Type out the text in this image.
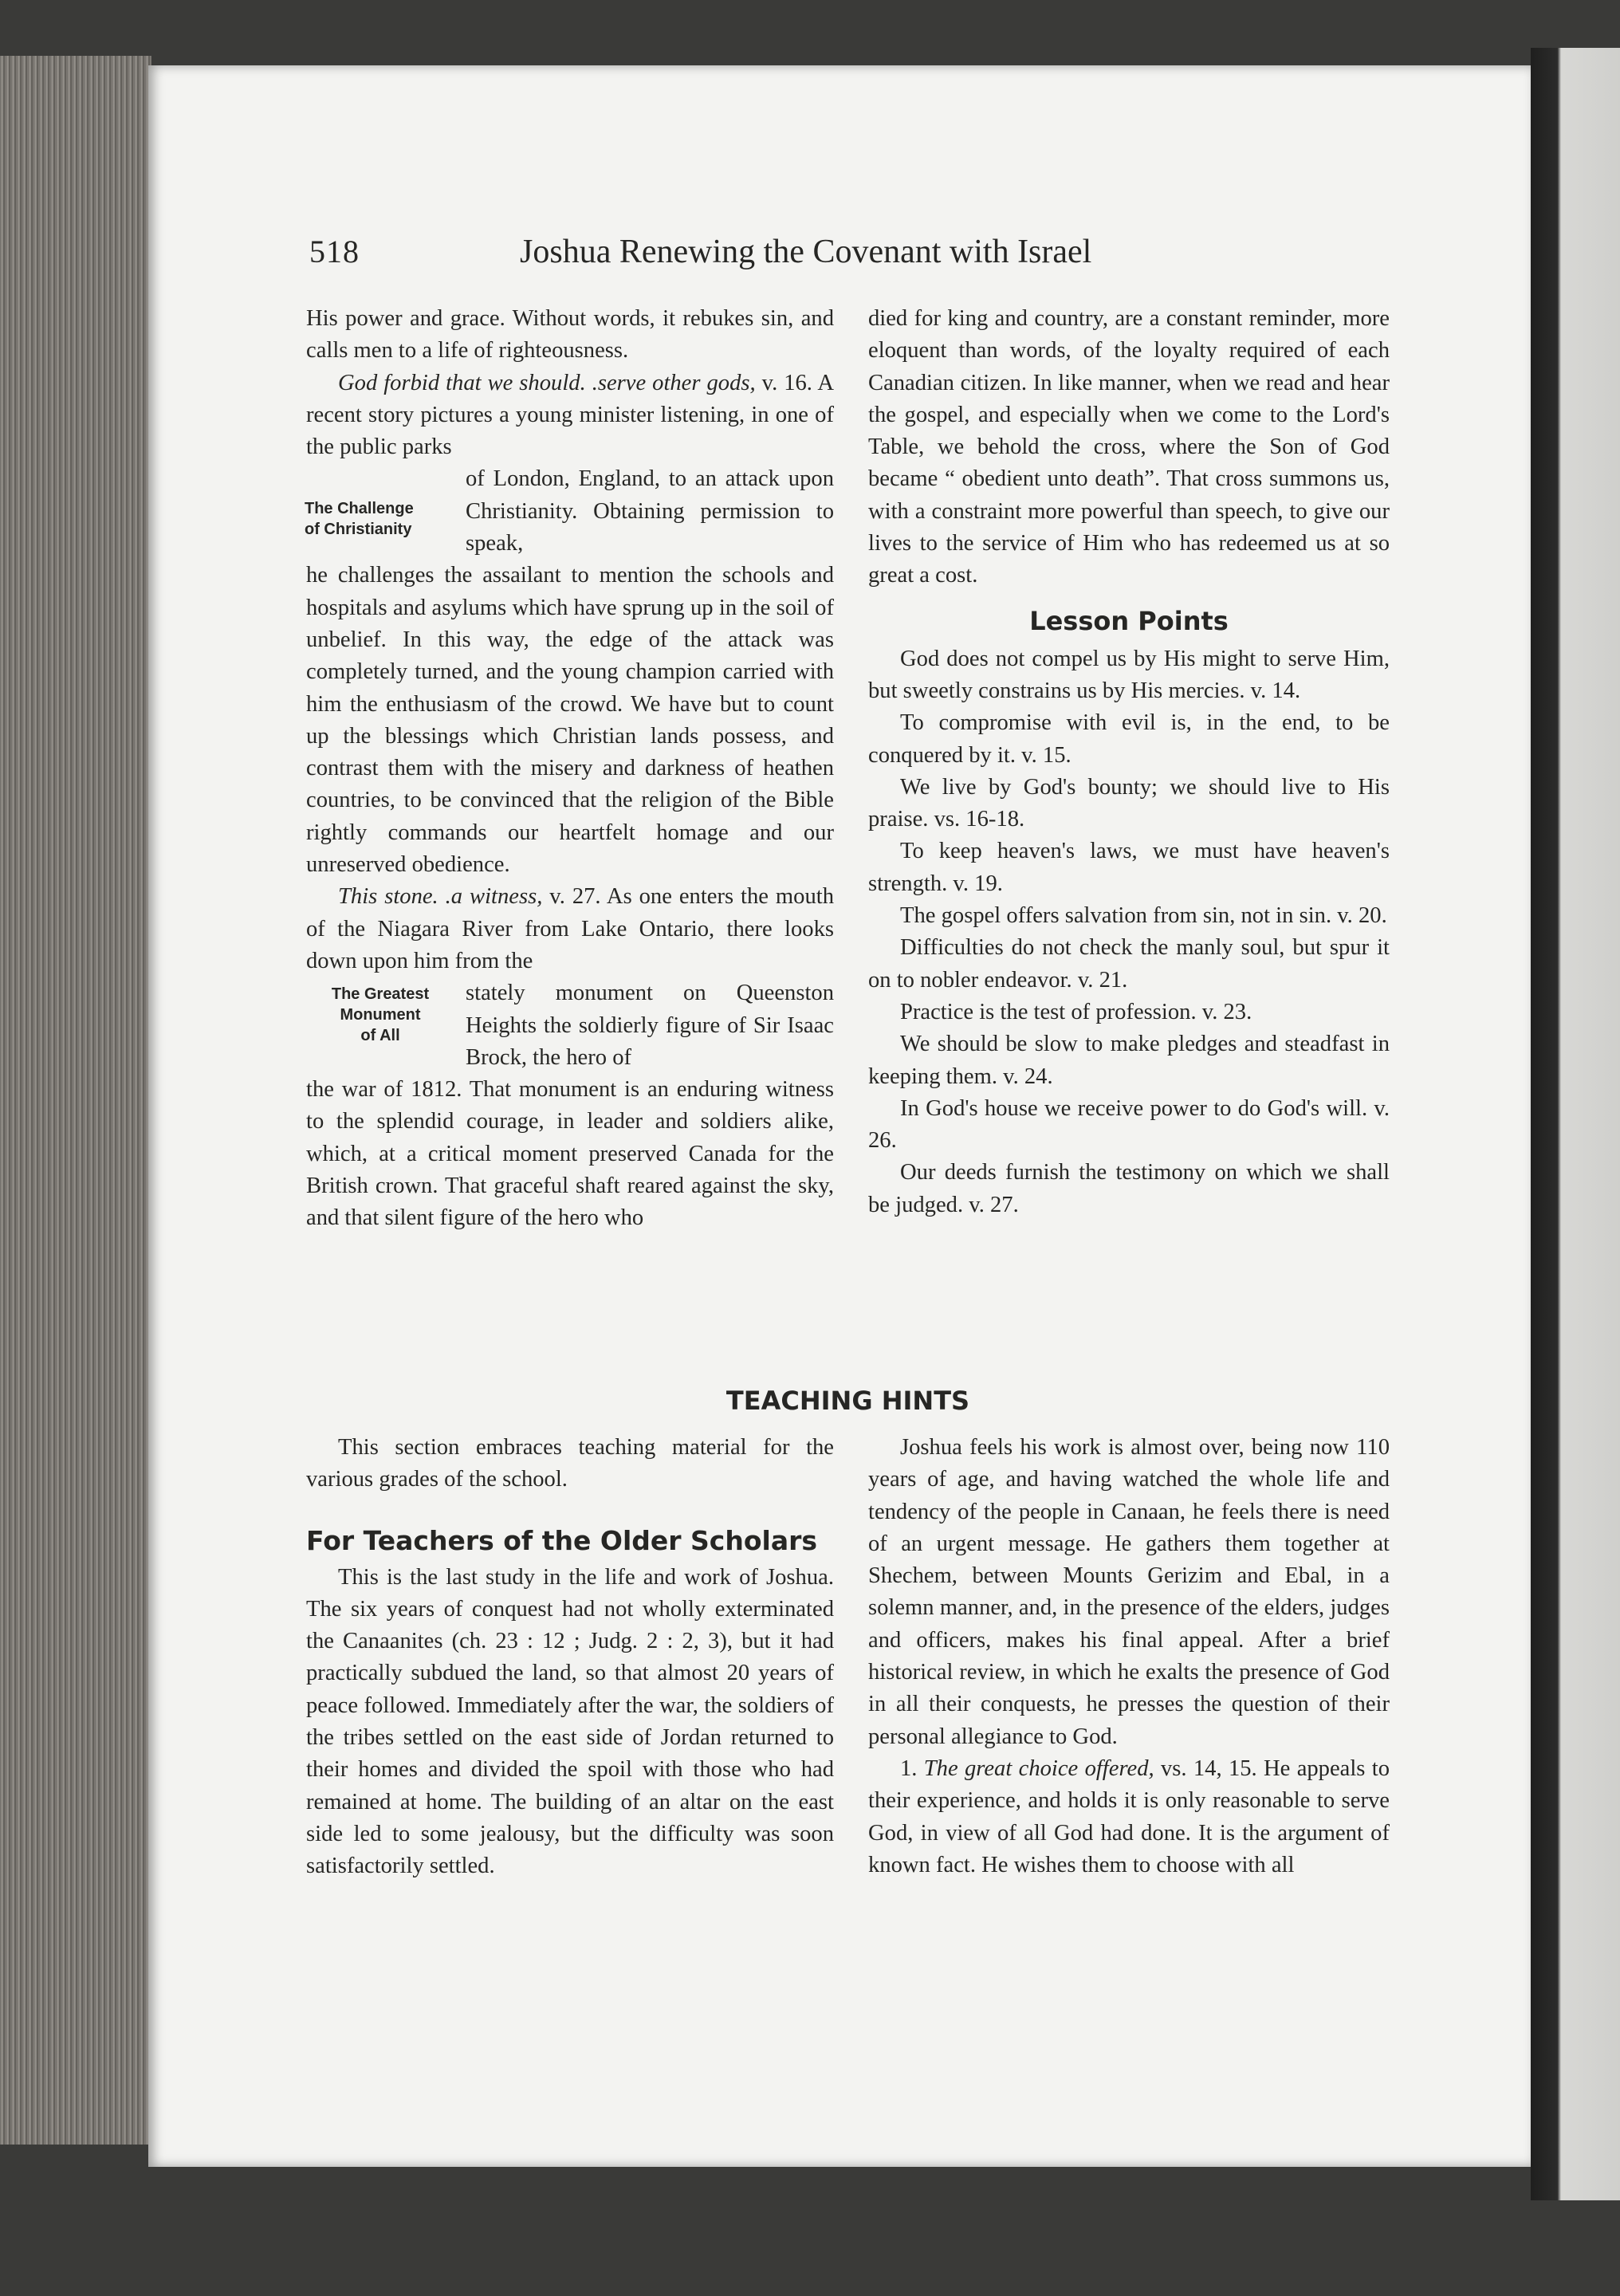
518	Joshua Renewing the Covenant with Israel

His power and grace. Without words, it rebukes sin, and calls men to a life of righteousness.

God forbid that we should. .serve other gods, v. 16. A recent story pictures a young minister listening, in one of the public parks

The Challenge
of Christianity
of London, England, to an attack upon Christianity. Obtaining permission to speak,

he challenges the assailant to mention the schools and hospitals and asylums which have sprung up in the soil of unbelief. In this way, the edge of the attack was completely turned, and the young champion carried with him the enthusiasm of the crowd. We have but to count up the blessings which Christian lands possess, and contrast them with the misery and darkness of heathen countries, to be convinced that the religion of the Bible rightly commands our heartfelt homage and our unreserved obedience.

This stone. .a witness, v. 27. As one enters the mouth of the Niagara River from Lake Ontario, there looks down upon him from the

The Greatest
Monument
of All
stately monument on Queenston Heights the soldierly figure of Sir Isaac Brock, the hero of

the war of 1812. That monument is an enduring witness to the splendid courage, in leader and soldiers alike, which, at a critical moment preserved Canada for the British crown. That graceful shaft reared against the sky, and that silent figure of the hero who

died for king and country, are a constant reminder, more eloquent than words, of the loyalty required of each Canadian citizen. In like manner, when we read and hear the gospel, and especially when we come to the Lord's Table, we behold the cross, where the Son of God became “ obedient unto death”. That cross summons us, with a constraint more powerful than speech, to give our lives to the service of Him who has redeemed us at so great a cost.

Lesson Points

God does not compel us by His might to serve Him, but sweetly constrains us by His mercies. v. 14.

To compromise with evil is, in the end, to be conquered by it. v. 15.

We live by God's bounty; we should live to His praise. vs. 16-18.

To keep heaven's laws, we must have heaven's strength. v. 19.

The gospel offers salvation from sin, not in sin. v. 20.

Difficulties do not check the manly soul, but spur it on to nobler endeavor. v. 21.

Practice is the test of profession. v. 23.

We should be slow to make pledges and steadfast in keeping them. v. 24.

In God's house we receive power to do God's will. v. 26.

Our deeds furnish the testimony on which we shall be judged. v. 27.

TEACHING HINTS

This section embraces teaching material for the various grades of the school.

For Teachers of the Older Scholars

This is the last study in the life and work of Joshua. The six years of conquest had not wholly exterminated the Canaanites (ch. 23 : 12 ; Judg. 2 : 2, 3), but it had practically subdued the land, so that almost 20 years of peace followed. Immediately after the war, the soldiers of the tribes settled on the east side of Jordan returned to their homes and divided the spoil with those who had remained at home. The building of an altar on the east side led to some jealousy, but the difficulty was soon satisfactorily settled.

Joshua feels his work is almost over, being now 110 years of age, and having watched the whole life and tendency of the people in Canaan, he feels there is need of an urgent message. He gathers them together at Shechem, between Mounts Gerizim and Ebal, in a solemn manner, and, in the presence of the elders, judges and officers, makes his final appeal. After a brief historical review, in which he exalts the presence of God in all their conquests, he presses the question of their personal allegiance to God.

1. The great choice offered, vs. 14, 15. He appeals to their experience, and holds it is only reasonable to serve God, in view of all God had done. It is the argument of known fact. He wishes them to choose with all
